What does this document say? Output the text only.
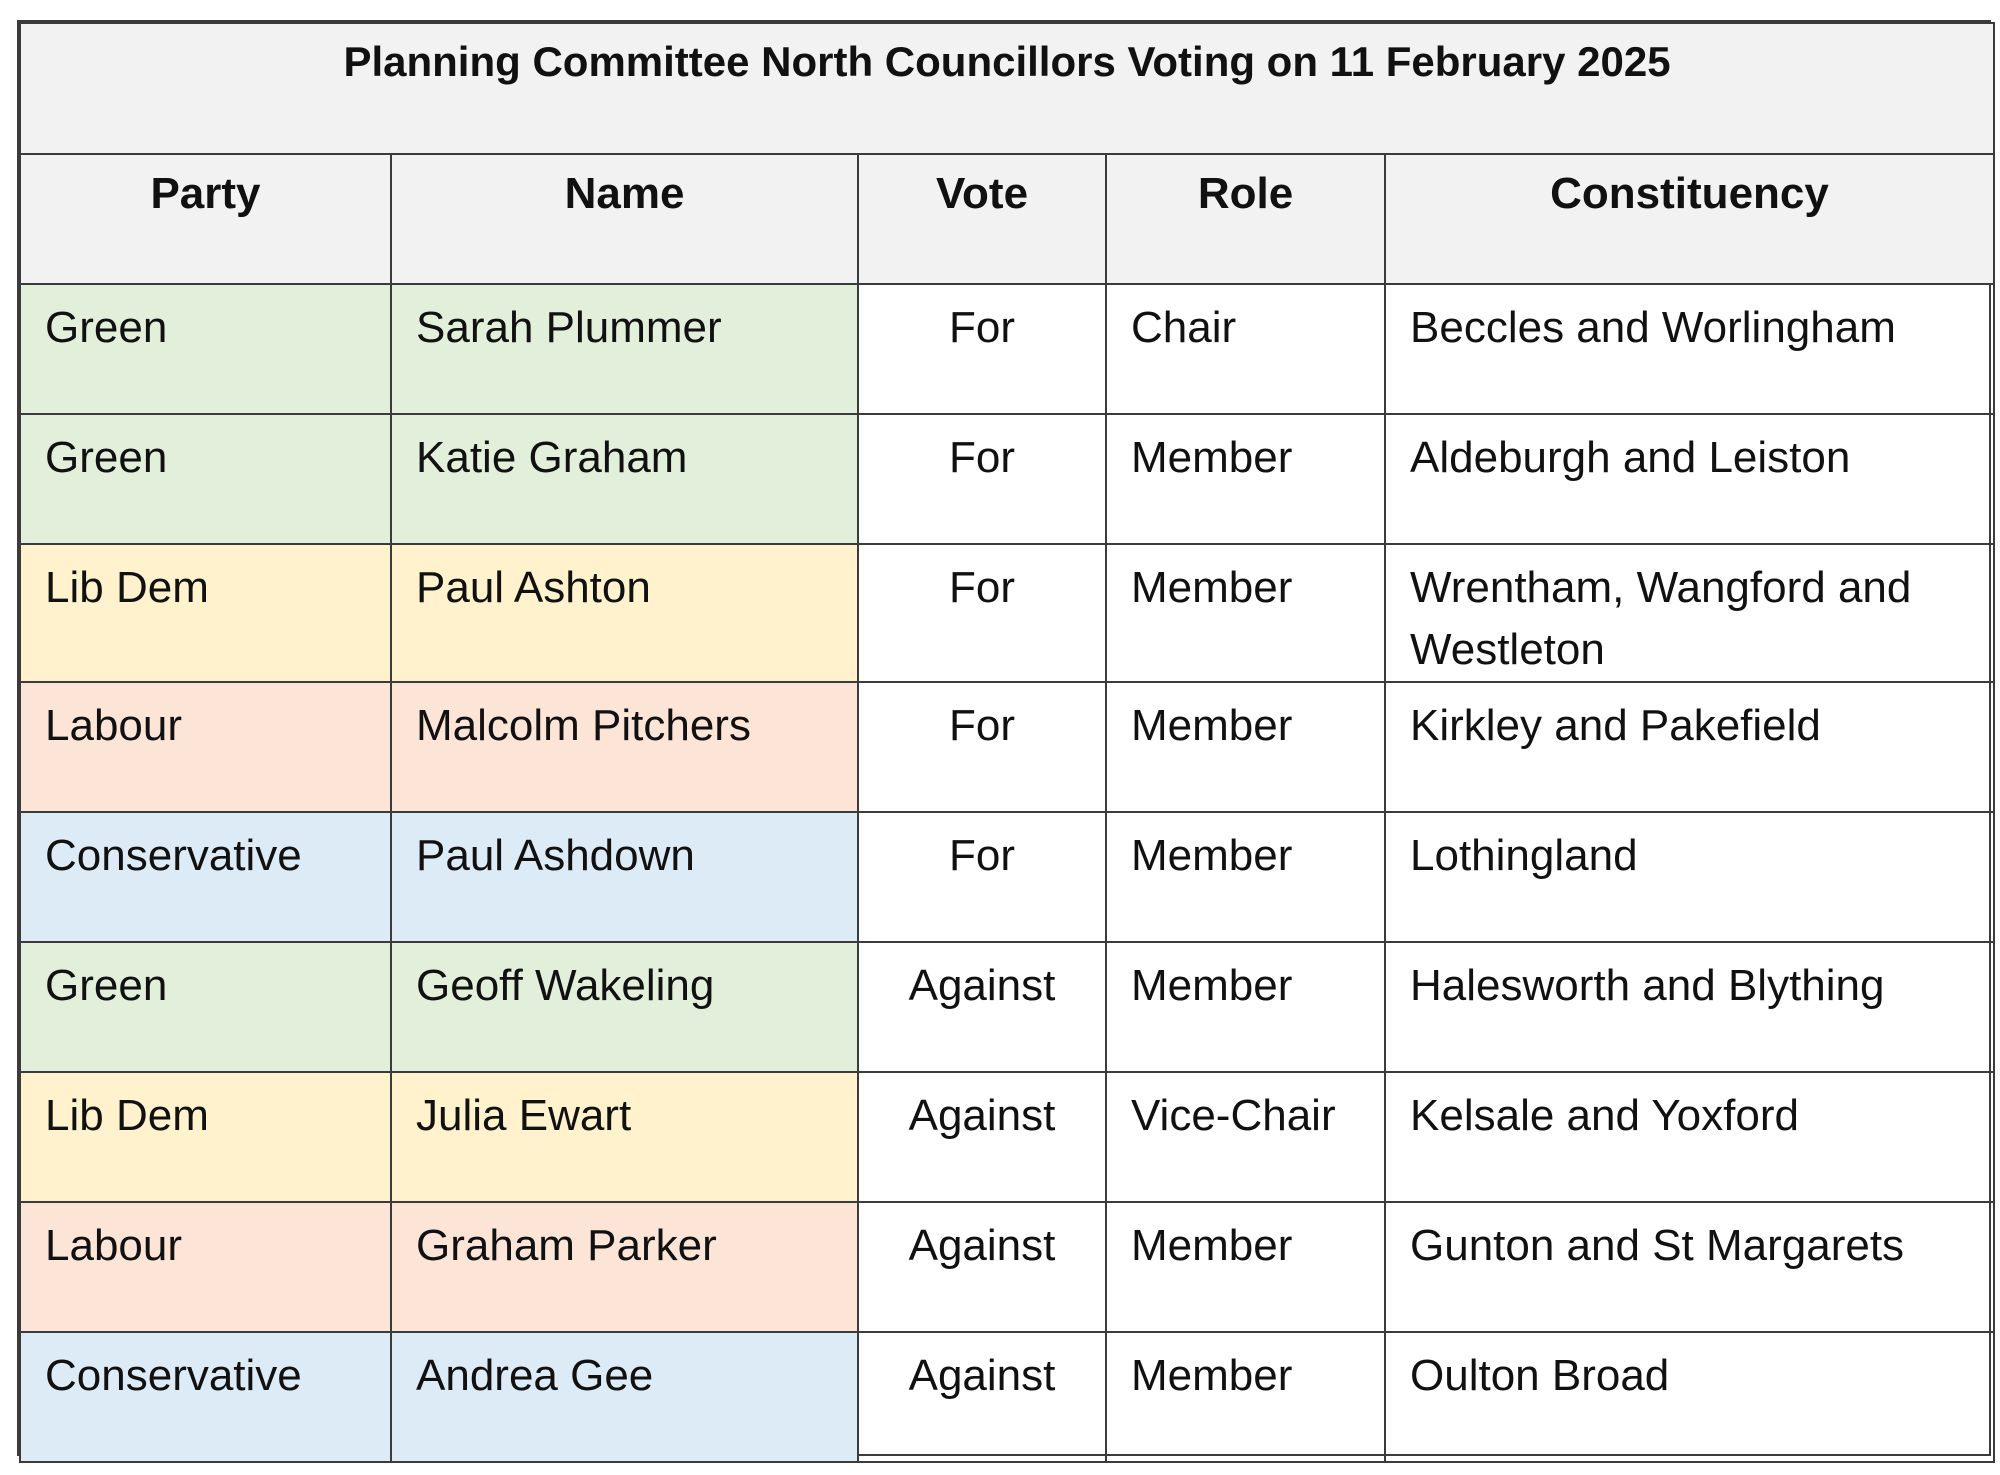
Planning Committee North Councillors Voting on 11 February 2025				
Party	Name	Vote	Role	Constituency
Green	Sarah Plummer	For	Chair	Beccles and Worlingham
Green	Katie Graham	For	Member	Aldeburgh and Leiston
Lib Dem	Paul Ashton	For	Member	Wrentham, Wangford and Westleton
Labour	Malcolm Pitchers	For	Member	Kirkley and Pakefield
Conservative	Paul Ashdown	For	Member	Lothingland
Green	Geoff Wakeling	Against	Member	Halesworth and Blything
Lib Dem	Julia Ewart	Against	Vice-Chair	Kelsale and Yoxford
Labour	Graham Parker	Against	Member	Gunton and St Margarets
Conservative	Andrea Gee	Against	Member	Oulton Broad
